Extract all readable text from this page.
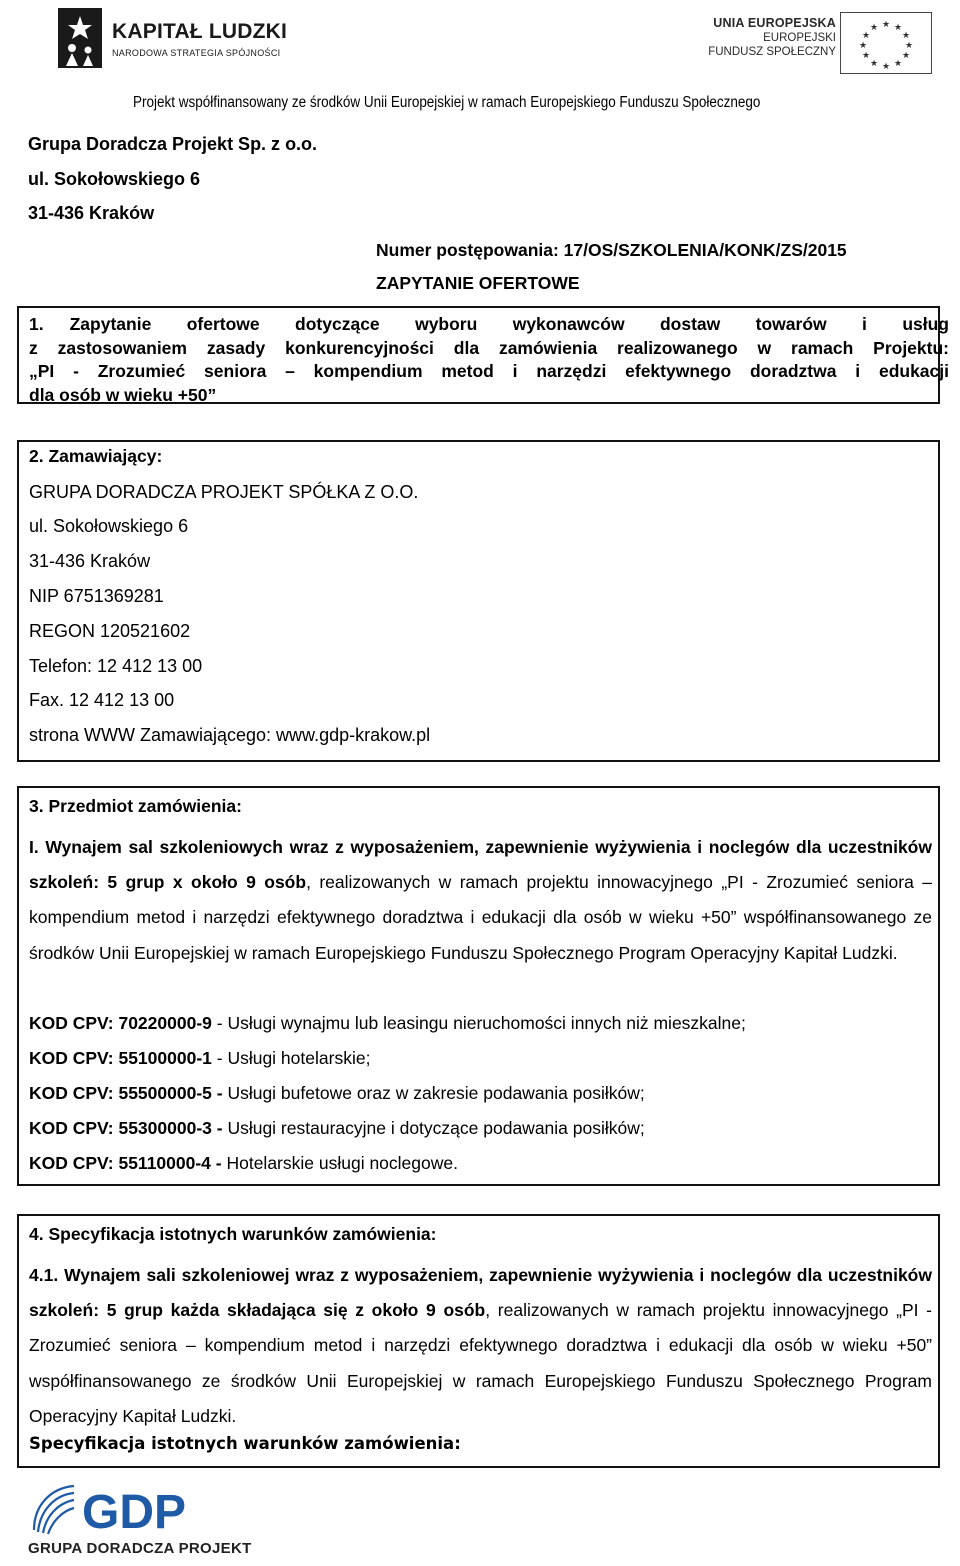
KAPITAŁ LUDZKI
NARODOWA STRATEGIA SPÓJNOŚCI
UNIA EUROPEJSKA
EUROPEJSKI
FUNDUSZ SPOŁECZNY
★ ★
★
★
★
★
★
★
★
★
★
★
Projekt współfinansowany ze środków Unii Europejskiej w ramach Europejskiego Funduszu Społecznego
Grupa Doradcza Projekt Sp. z o.o.
ul. Sokołowskiego 6
31-436 Kraków
Numer postępowania: 17/OS/SZKOLENIA/KONK/ZS/2015
ZAPYTANIE OFERTOWE
1. Zapytanie ofertowe dotyczące wyboru wykonawców dostaw towarów i usług
z zastosowaniem zasady konkurencyjności dla zamówienia realizowanego w ramach Projektu:
„PI - Zrozumieć seniora – kompendium metod i narzędzi efektywnego doradztwa i edukacji
dla osób w wieku +50”
2. Zamawiający:
GRUPA DORADCZA PROJEKT SPÓŁKA Z O.O.
ul. Sokołowskiego 6
31-436 Kraków
NIP 6751369281
REGON 120521602
Telefon: 12 412 13 00
Fax. 12 412 13 00
strona WWW Zamawiającego: www.gdp-krakow.pl
3. Przedmiot zamówienia:
I. Wynajem sal szkoleniowych wraz z wyposażeniem, zapewnienie wyżywienia i noclegów dla uczestników szkoleń: 5 grup x około 9 osób, realizowanych w ramach projektu innowacyjnego „PI - Zrozumieć seniora – kompendium metod i narzędzi efektywnego doradztwa i edukacji dla osób w wieku +50” współfinansowanego ze środków Unii Europejskiej w ramach Europejskiego Funduszu Społecznego Program Operacyjny Kapitał Ludzki.
KOD CPV: 70220000-9 - Usługi wynajmu lub leasingu nieruchomości innych niż mieszkalne;
KOD CPV: 55100000-1 - Usługi hotelarskie;
KOD CPV: 55500000-5 - Usługi bufetowe oraz w zakresie podawania posiłków;
KOD CPV: 55300000-3 - Usługi restauracyjne i dotyczące podawania posiłków;
KOD CPV: 55110000-4 - Hotelarskie usługi noclegowe.
4. Specyfikacja istotnych warunków zamówienia:
4.1. Wynajem sali szkoleniowej wraz z wyposażeniem, zapewnienie wyżywienia i noclegów dla uczestników szkoleń: 5 grup każda składająca się z około 9 osób, realizowanych w ramach projektu innowacyjnego „PI - Zrozumieć seniora – kompendium metod i narzędzi efektywnego doradztwa i edukacji dla osób w wieku +50” współfinansowanego ze środków Unii Europejskiej w ramach Europejskiego Funduszu Społecznego Program Operacyjny Kapitał Ludzki.
Specyfikacja istotnych warunków zamówienia:
GDP
GRUPA DORADCZA PROJEKT
